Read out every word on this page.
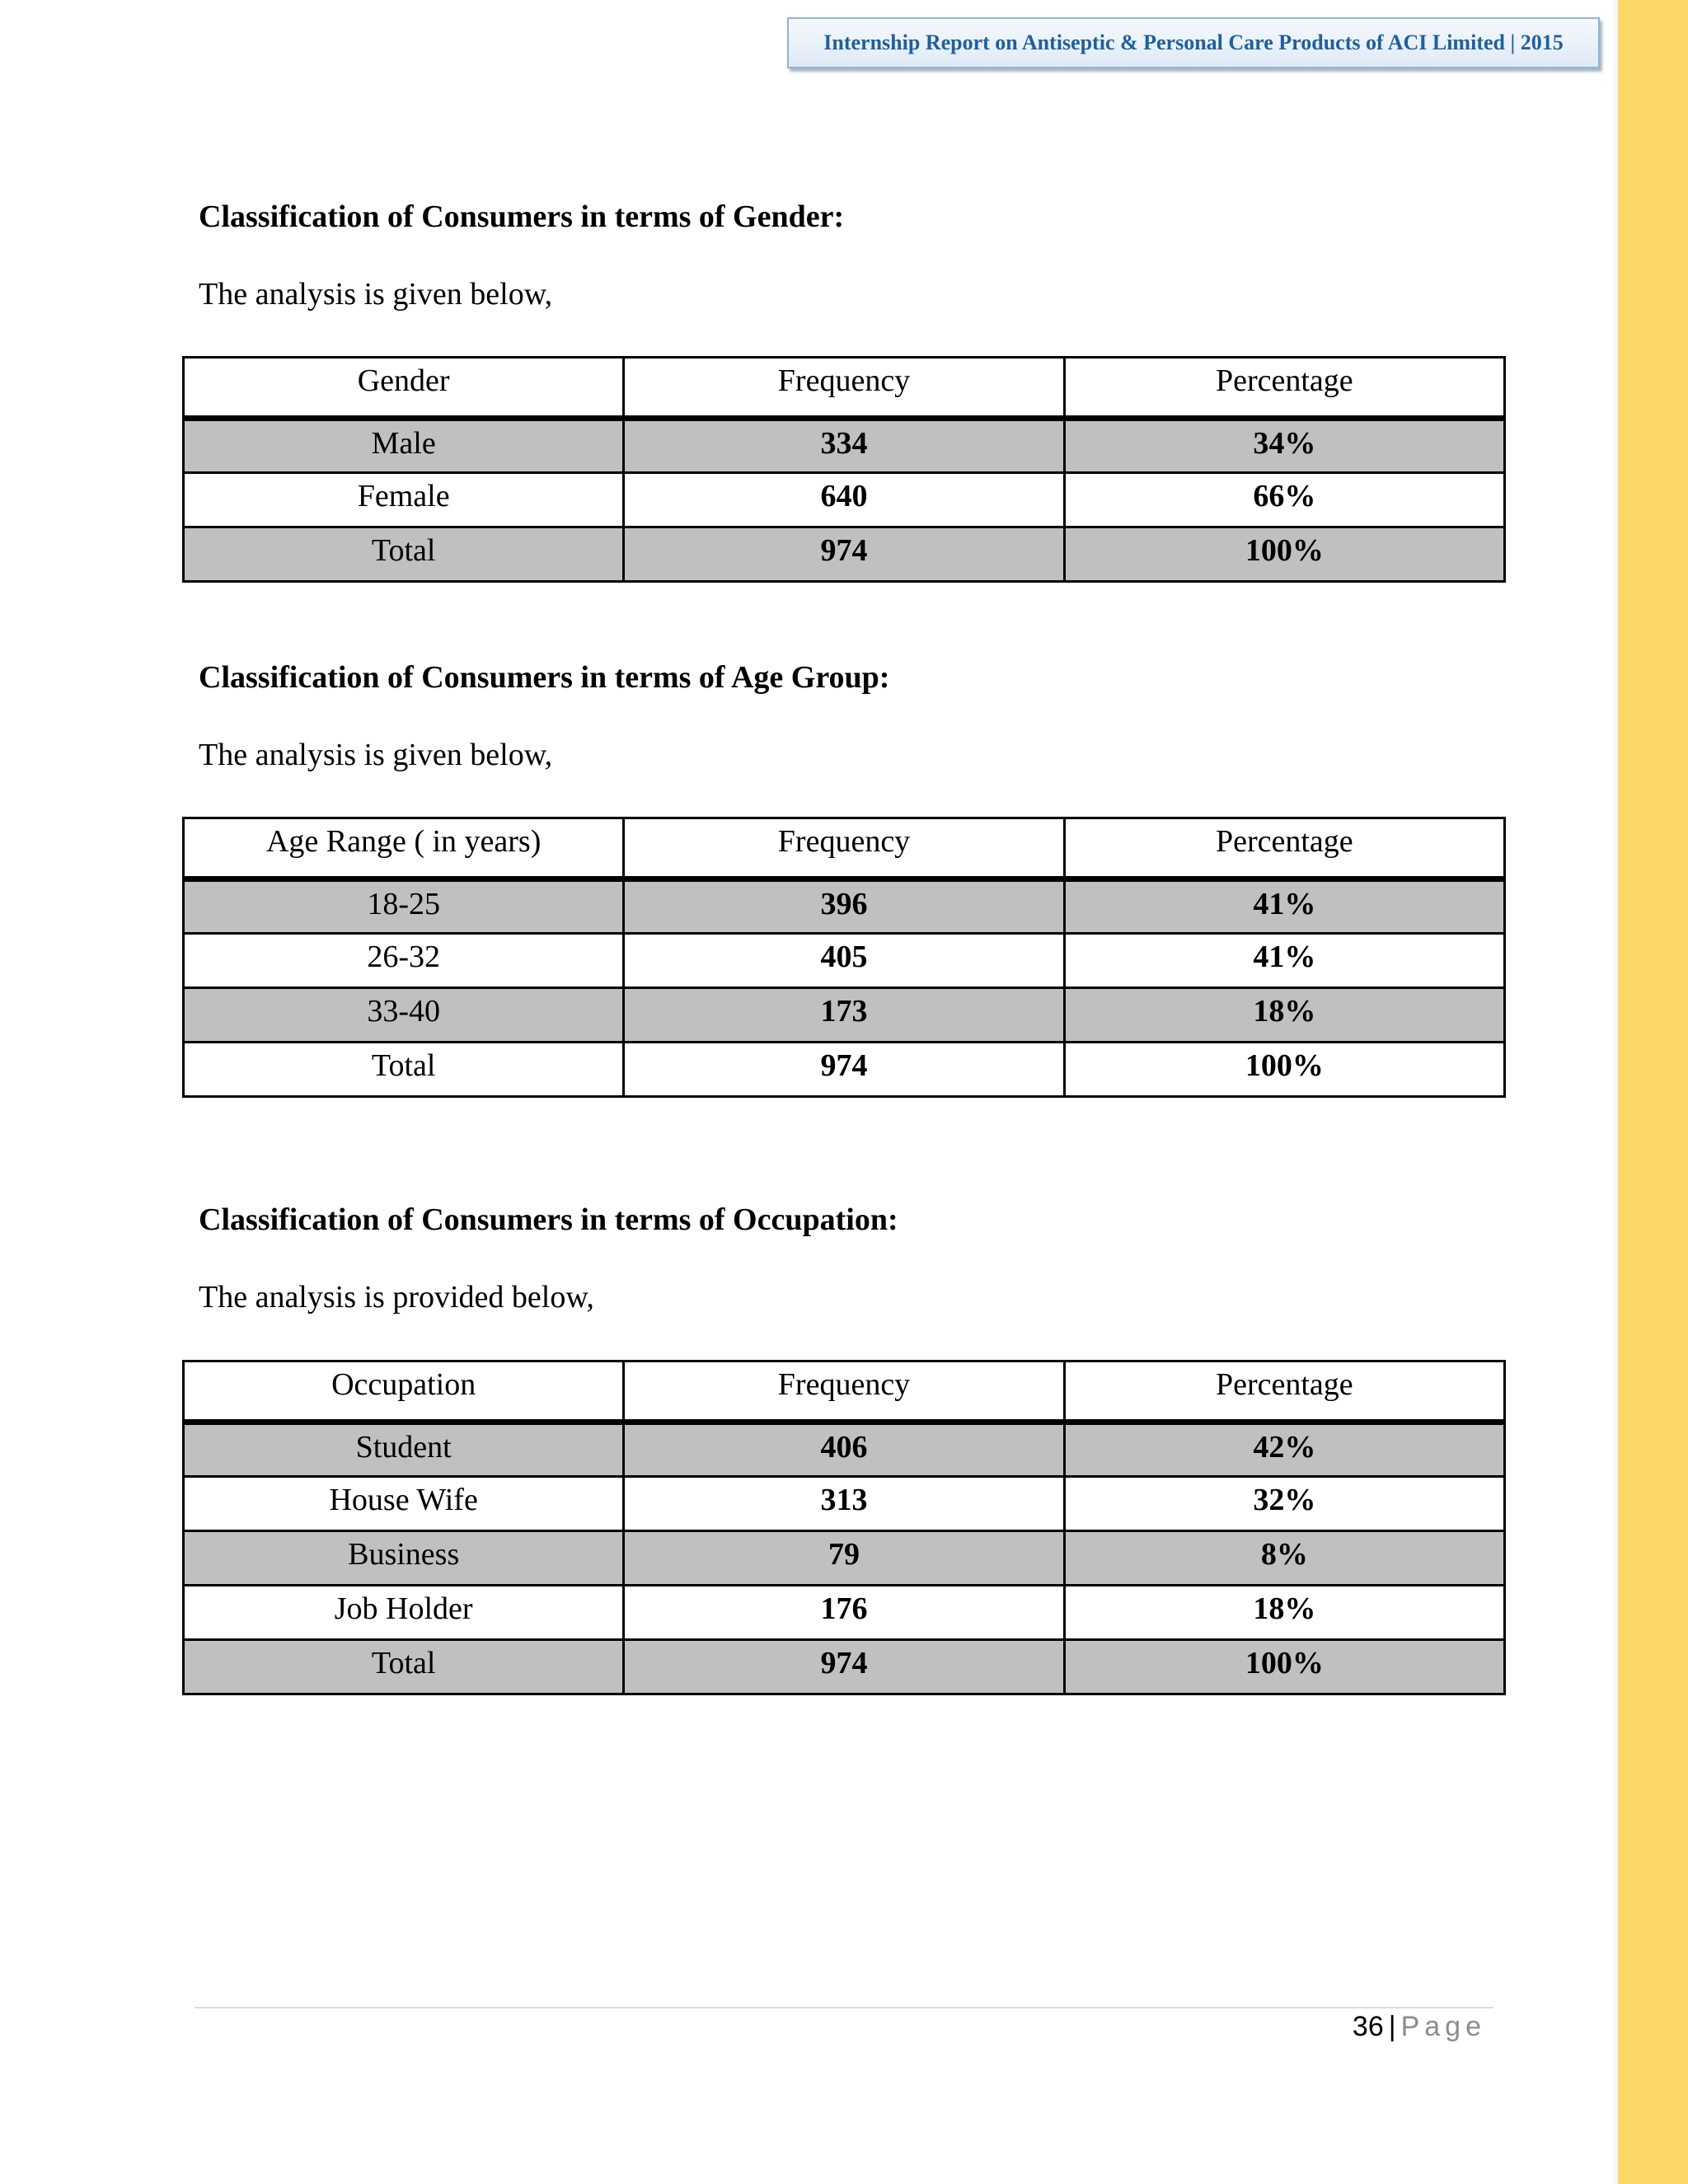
Internship Report on Antiseptic & Personal Care Products of ACI Limited | 2015
Classification of Consumers in terms of Gender:

The analysis is given below,

Gender	Frequency	Percentage
Male	334	34%
Female	640	66%
Total	974	100%
Classification of Consumers in terms of Age Group:

The analysis is given below,

Age Range ( in years)	Frequency	Percentage
18-25	396	41%
26-32	405	41%
33-40	173	18%
Total	974	100%
Classification of Consumers in terms of Occupation:

The analysis is provided below,

Occupation	Frequency	Percentage
Student	406	42%
House Wife	313	32%
Business	79	8%
Job Holder	176	18%
Total	974	100%
36 | Page
